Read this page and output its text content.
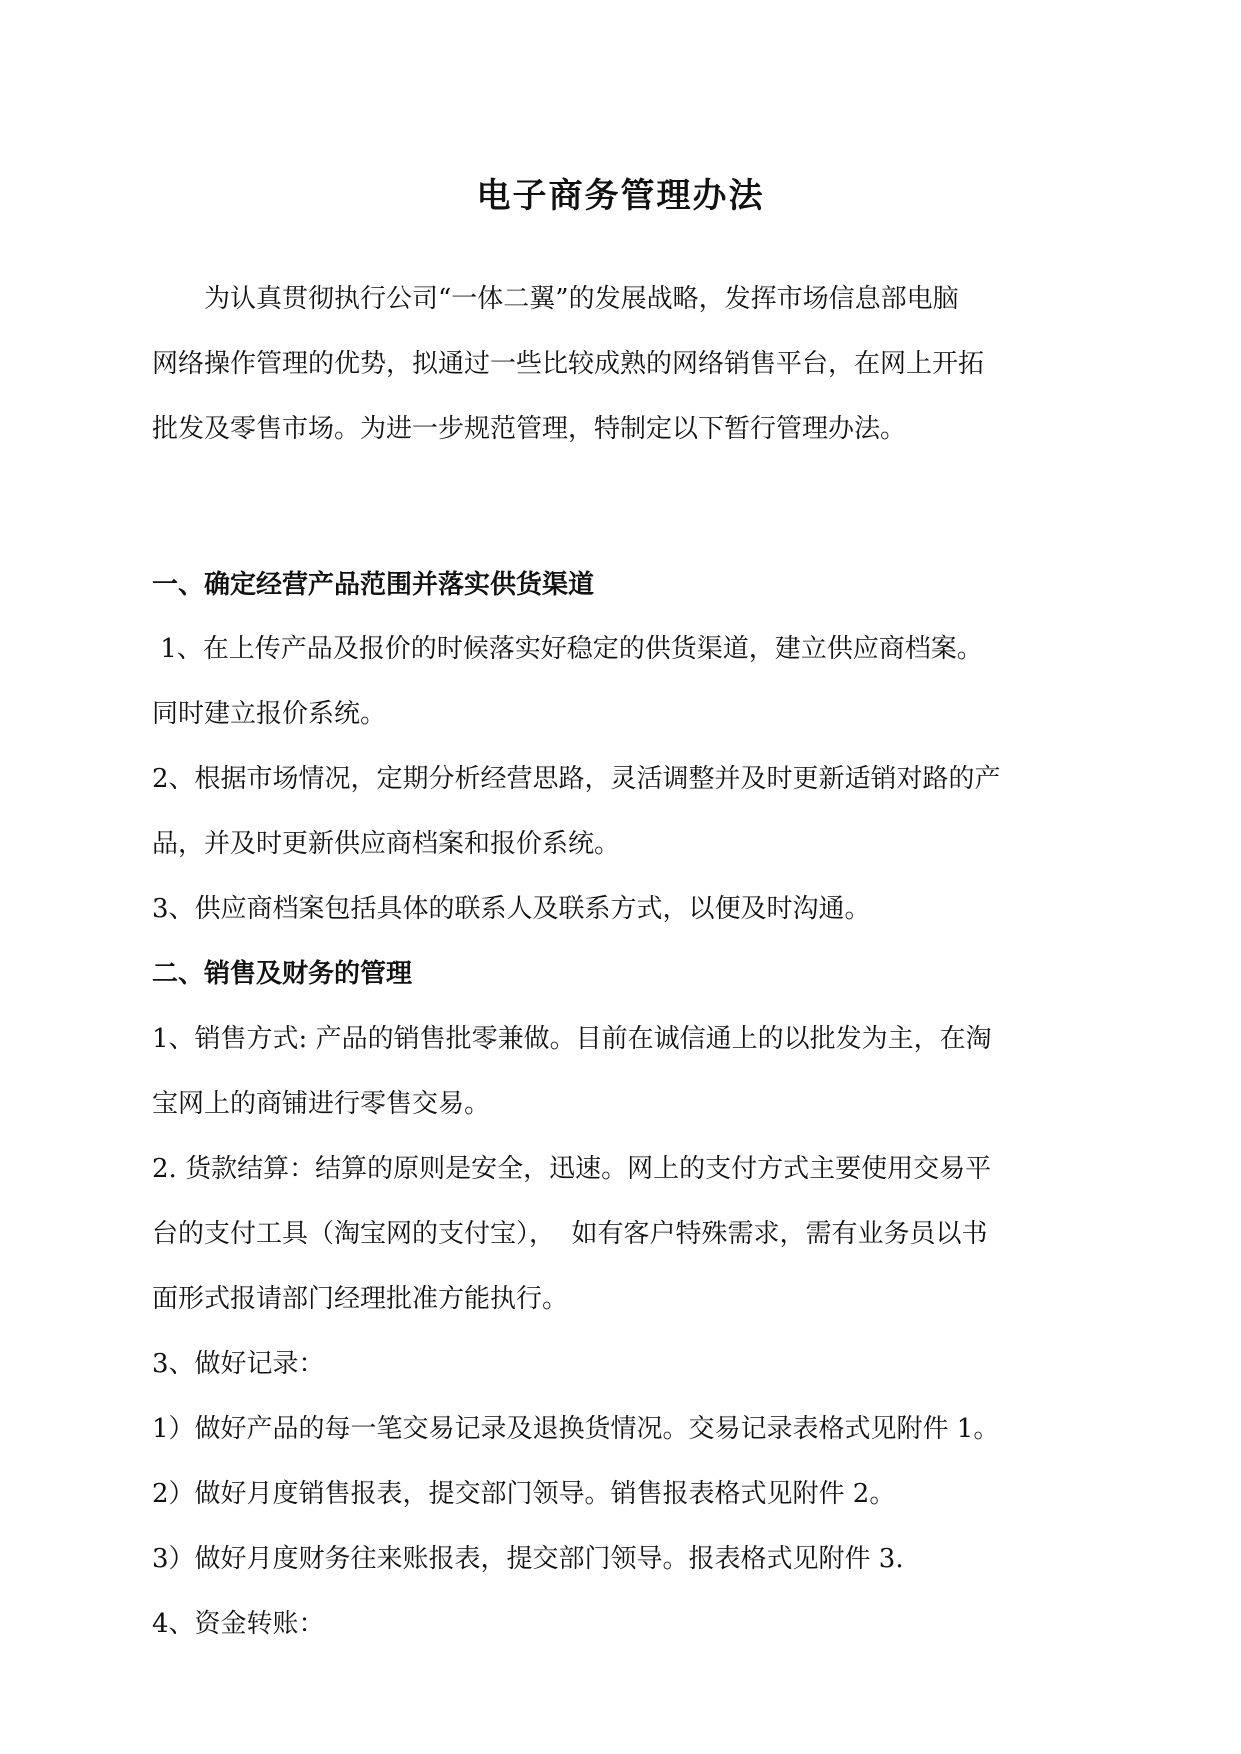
电子商务管理办法
为认真贯彻执行公司“一体二翼”的发展战略，发挥市场信息部电脑
网络操作管理的优势，拟通过一些比较成熟的网络销售平台，在网上开拓
批发及零售市场。为进一步规范管理，特制定以下暂行管理办法。
一、确定经营产品范围并落实供货渠道
1、在上传产品及报价的时候落实好稳定的供货渠道，建立供应商档案。
同时建立报价系统。
2、根据市场情况，定期分析经营思路，灵活调整并及时更新适销对路的产
品，并及时更新供应商档案和报价系统。
3、供应商档案包括具体的联系人及联系方式，以便及时沟通。
二、销售及财务的管理
1、销售方式: 产品的销售批零兼做。目前在诚信通上的以批发为主，在淘
宝网上的商铺进行零售交易。
2. 货款结算：结算的原则是安全，迅速。网上的支付方式主要使用交易平
台的支付工具（淘宝网的支付宝），  如有客户特殊需求，需有业务员以书
面形式报请部门经理批准方能执行。
3、做好记录：
1）做好产品的每一笔交易记录及退换货情况。交易记录表格式见附件 1。
2）做好月度销售报表，提交部门领导。销售报表格式见附件 2。
3）做好月度财务往来账报表，提交部门领导。报表格式见附件 3.
4、资金转账：
